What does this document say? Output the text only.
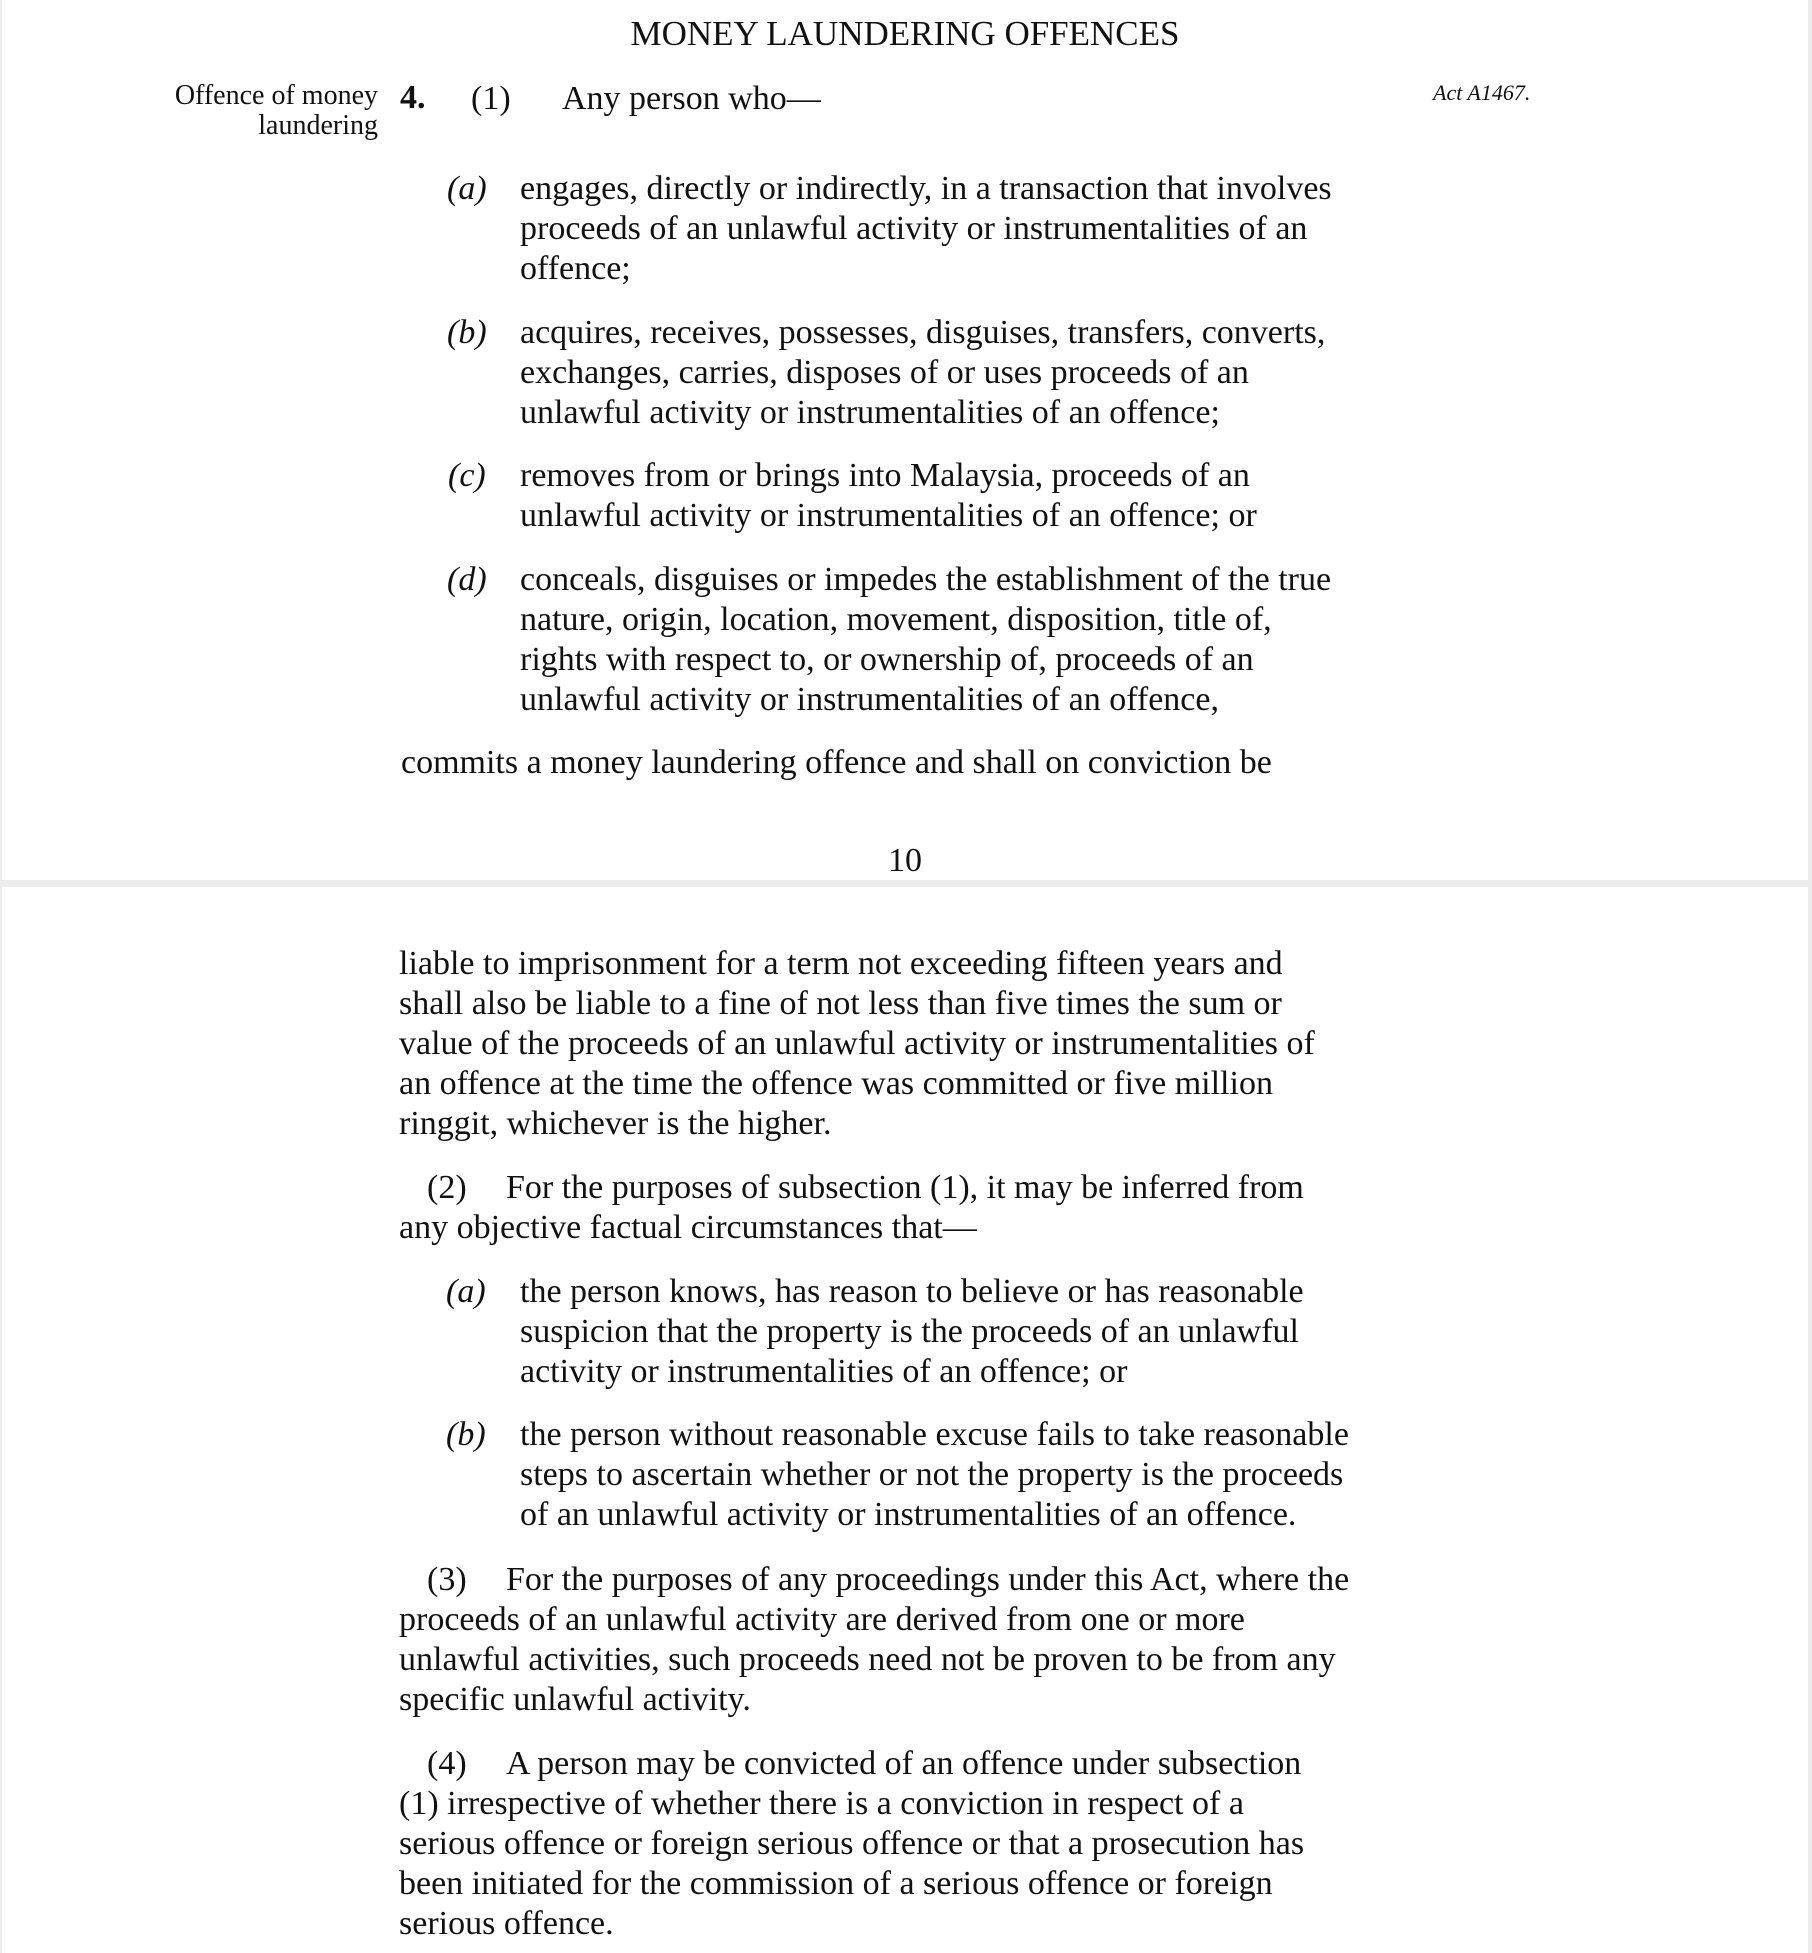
MONEY LAUNDERING OFFENCES
Offence of money
laundering
4. (1) Any person who—	Act A1467.
(a) engages, directly or indirectly, in a transaction that involves
proceeds of an unlawful activity or instrumentalities of an
offence;
(b) acquires, receives, possesses, disguises, transfers, converts,
exchanges, carries, disposes of or uses proceeds of an
unlawful activity or instrumentalities of an offence;
(c) removes from or brings into Malaysia, proceeds of an
unlawful activity or instrumentalities of an offence; or
(d) conceals, disguises or impedes the establishment of the true
nature, origin, location, movement, disposition, title of,
rights with respect to, or ownership of, proceeds of an
unlawful activity or instrumentalities of an offence,
commits a money laundering offence and shall on conviction be
10
liable to imprisonment for a term not exceeding fifteen years and
shall also be liable to a fine of not less than five times the sum or
value of the proceeds of an unlawful activity or instrumentalities of
an offence at the time the offence was committed or five million
ringgit, whichever is the higher.
(2) For the purposes of subsection (1), it may be inferred from
any objective factual circumstances that—
(a) the person knows, has reason to believe or has reasonable
suspicion that the property is the proceeds of an unlawful
activity or instrumentalities of an offence; or
(b) the person without reasonable excuse fails to take reasonable
steps to ascertain whether or not the property is the proceeds
of an unlawful activity or instrumentalities of an offence.
(3) For the purposes of any proceedings under this Act, where the
proceeds of an unlawful activity are derived from one or more
unlawful activities, such proceeds need not be proven to be from any
specific unlawful activity.
(4) A person may be convicted of an offence under subsection
(1) irrespective of whether there is a conviction in respect of a
serious offence or foreign serious offence or that a prosecution has
been initiated for the commission of a serious offence or foreign
serious offence.
